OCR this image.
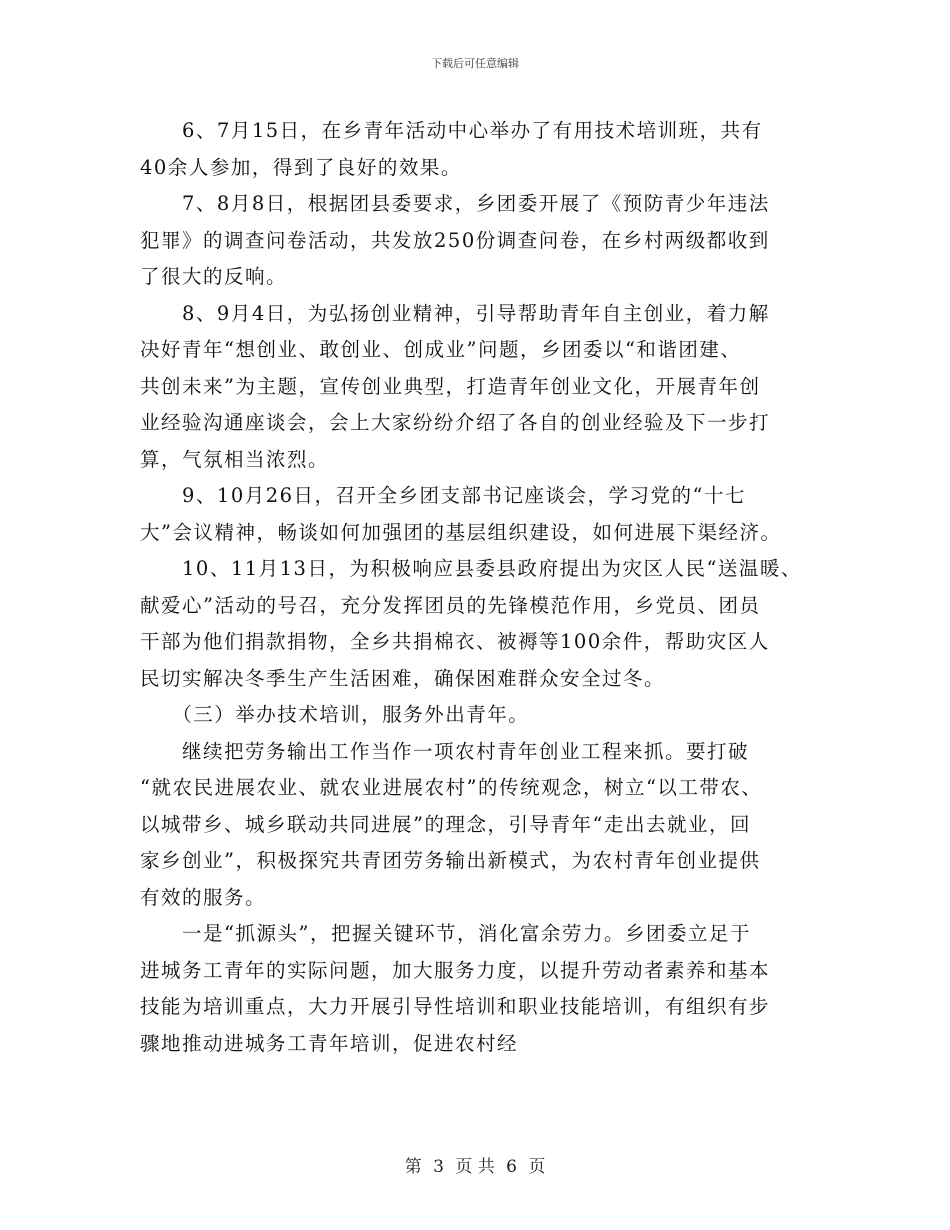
下载后可任意编辑

　　6、7月15日，在乡青年活动中心举办了有用技术培训班，共有
40余人参加，得到了良好的效果。

　　7、8月8日，根据团县委要求，乡团委开展了《预防青少年违法
犯罪》的调查问卷活动，共发放250份调查问卷，在乡村两级都收到
了很大的反响。

　　8、9月4日，为弘扬创业精神，引导帮助青年自主创业，着力解
决好青年“想创业、敢创业、创成业”问题，乡团委以“和谐团建、
共创未来”为主题，宣传创业典型，打造青年创业文化，开展青年创
业经验沟通座谈会，会上大家纷纷介绍了各自的创业经验及下一步打
算，气氛相当浓烈。

　　9、10月26日，召开全乡团支部书记座谈会，学习党的“十七
大”会议精神，畅谈如何加强团的基层组织建设，如何进展下渠经济。

　　10、11月13日，为积极响应县委县政府提出为灾区人民“送温暖、
献爱心”活动的号召，充分发挥团员的先锋模范作用，乡党员、团员
干部为他们捐款捐物，全乡共捐棉衣、被褥等100余件，帮助灾区人
民切实解决冬季生产生活困难，确保困难群众安全过冬。

　　（三）举办技术培训，服务外出青年。

　　继续把劳务输出工作当作一项农村青年创业工程来抓。要打破
“就农民进展农业、就农业进展农村”的传统观念，树立“以工带农、
以城带乡、城乡联动共同进展”的理念，引导青年“走出去就业，回
家乡创业”，积极探究共青团劳务输出新模式，为农村青年创业提供
有效的服务。

　　一是“抓源头”，把握关键环节，消化富余劳力。乡团委立足于
进城务工青年的实际问题，加大服务力度，以提升劳动者素养和基本
技能为培训重点，大力开展引导性培训和职业技能培训，有组织有步
骤地推动进城务工青年培训，促进农村经

第 3 页 共 6 页
